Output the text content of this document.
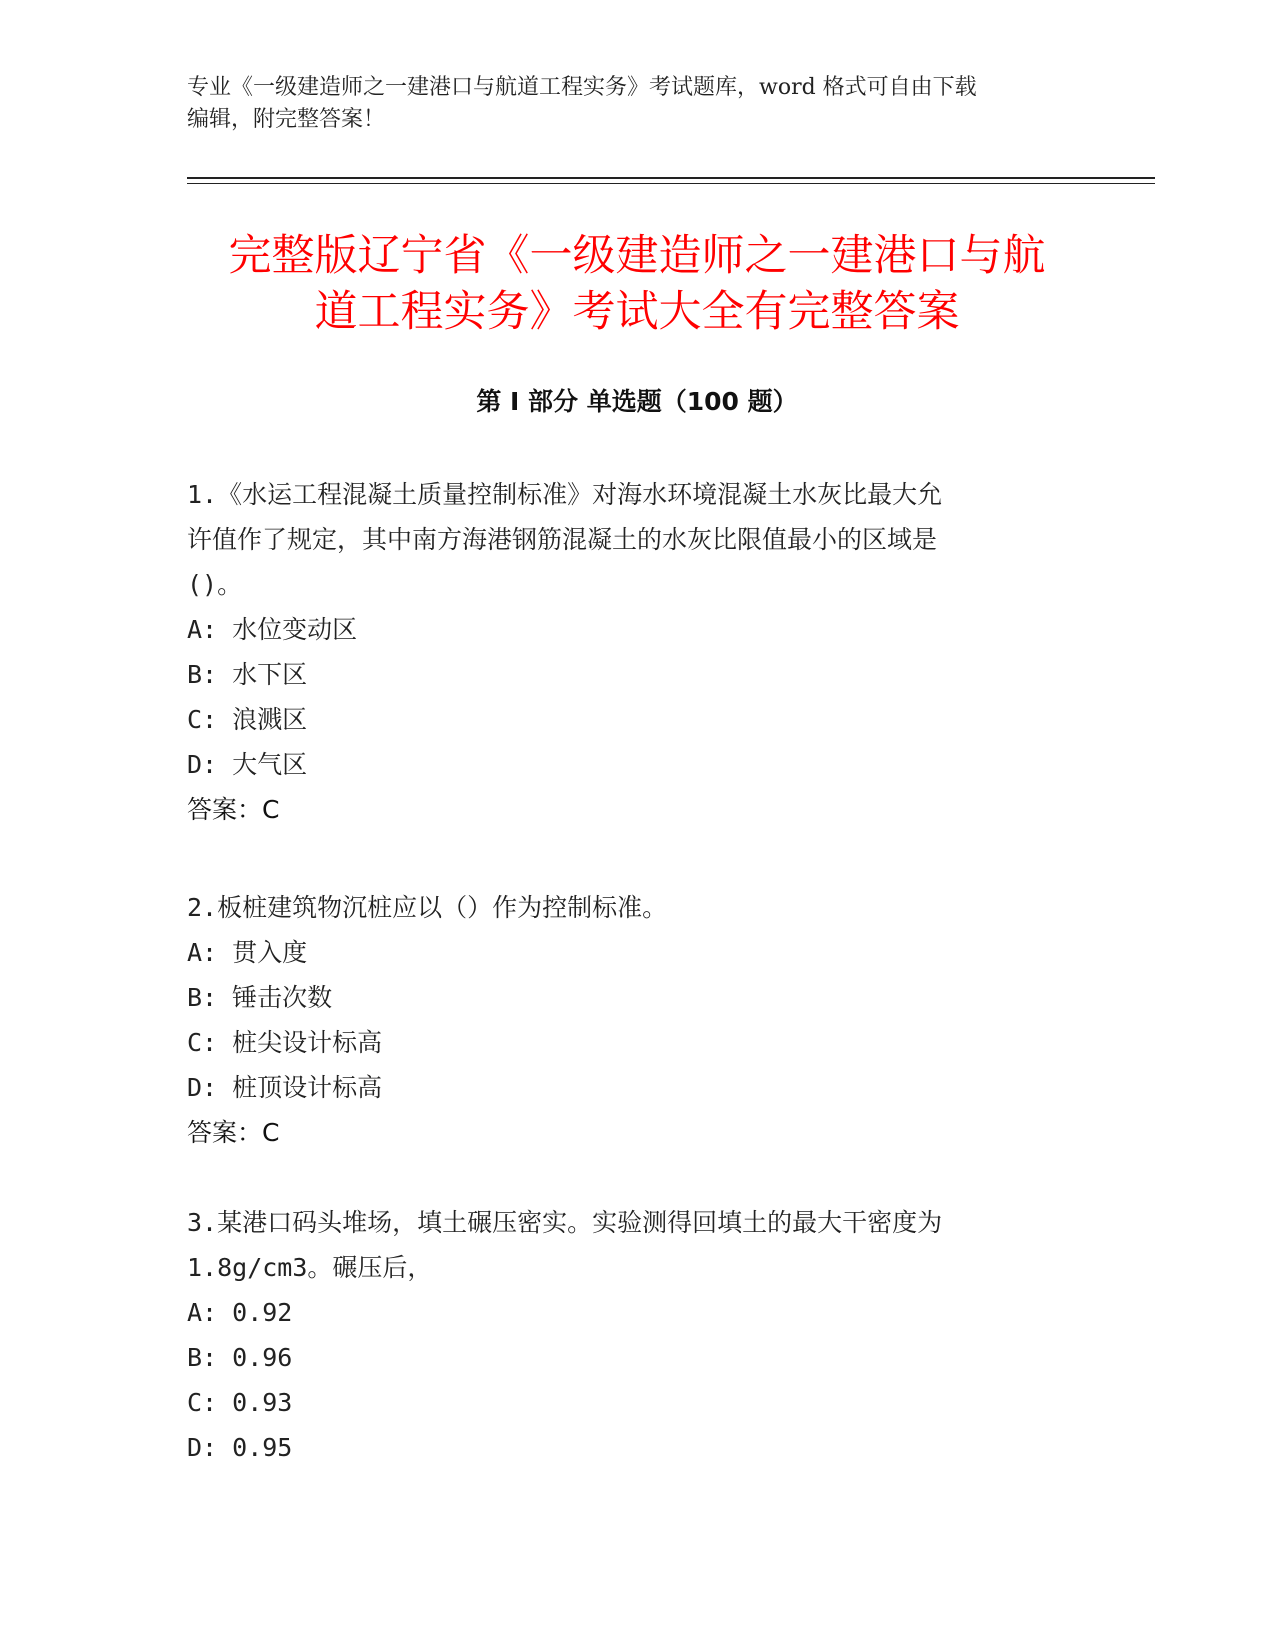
专业《一级建造师之一建港口与航道工程实务》考试题库，word 格式可自由下载

编辑，附完整答案！

完整版辽宁省《一级建造师之一建港口与航
道工程实务》考试大全有完整答案
第 I 部分 单选题（100 题）

1.《水运工程混凝土质量控制标准》对海水环境混凝土水灰比最大允
许值作了规定，其中南方海港钢筋混凝土的水灰比限值最小的区域是
()。

A: 水位变动区

B: 水下区

C: 浪溅区

D: 大气区

答案：C

2.板桩建筑物沉桩应以（）作为控制标准。

A: 贯入度

B: 锤击次数

C: 桩尖设计标高

D: 桩顶设计标高

答案：C

3.某港口码头堆场，填土碾压密实。实验测得回填土的最大干密度为
1.8g/cm3。碾压后，

A: 0.92

B: 0.96

C: 0.93

D: 0.95
